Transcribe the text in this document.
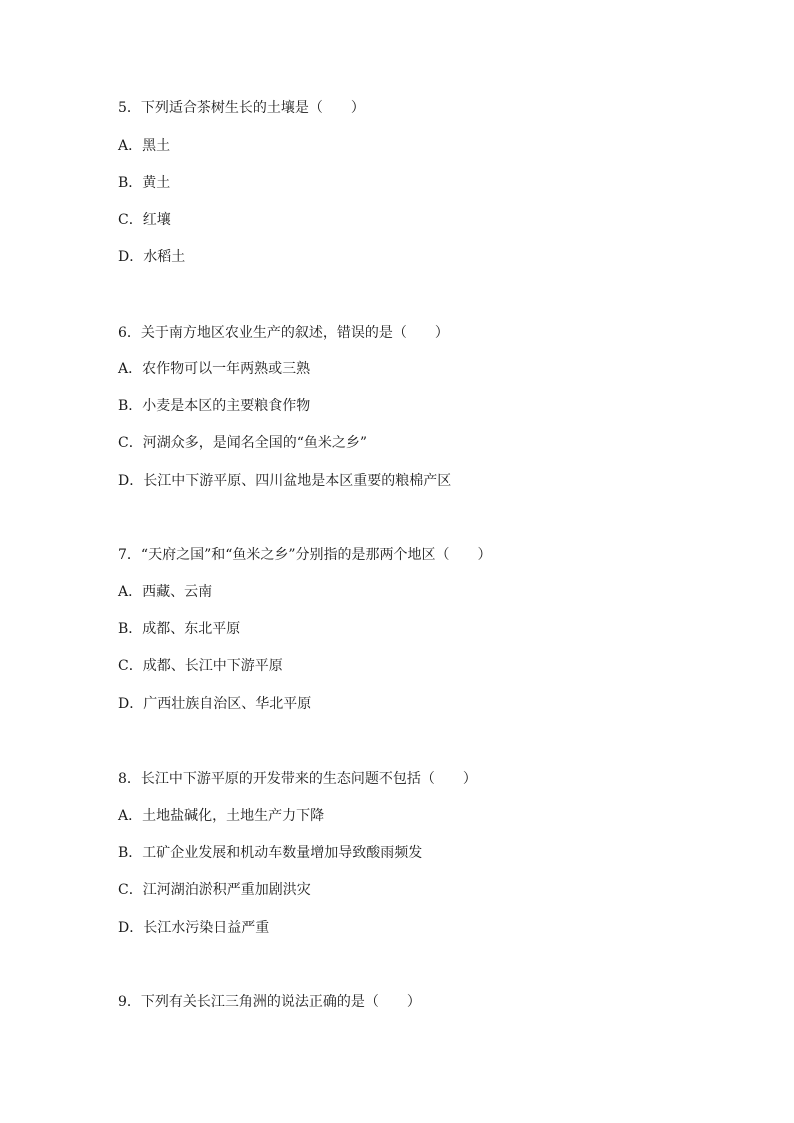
5．下列适合茶树生长的土壤是（　　）
A．黑土
B．黄土
C．红壤
D．水稻土
6．关于南方地区农业生产的叙述，错误的是（　　）
A．农作物可以一年两熟或三熟
B．小麦是本区的主要粮食作物
C．河湖众多，是闻名全国的“鱼米之乡”
D．长江中下游平原、四川盆地是本区重要的粮棉产区
7．“天府之国”和“鱼米之乡”分别指的是那两个地区（　　）
A．西藏、云南
B．成都、东北平原
C．成都、长江中下游平原
D．广西壮族自治区、华北平原
8．长江中下游平原的开发带来的生态问题不包括（　　）
A．土地盐碱化，土地生产力下降
B．工矿企业发展和机动车数量增加导致酸雨频发
C．江河湖泊淤积严重加剧洪灾
D．长江水污染日益严重
9．下列有关长江三角洲的说法正确的是（　　）
